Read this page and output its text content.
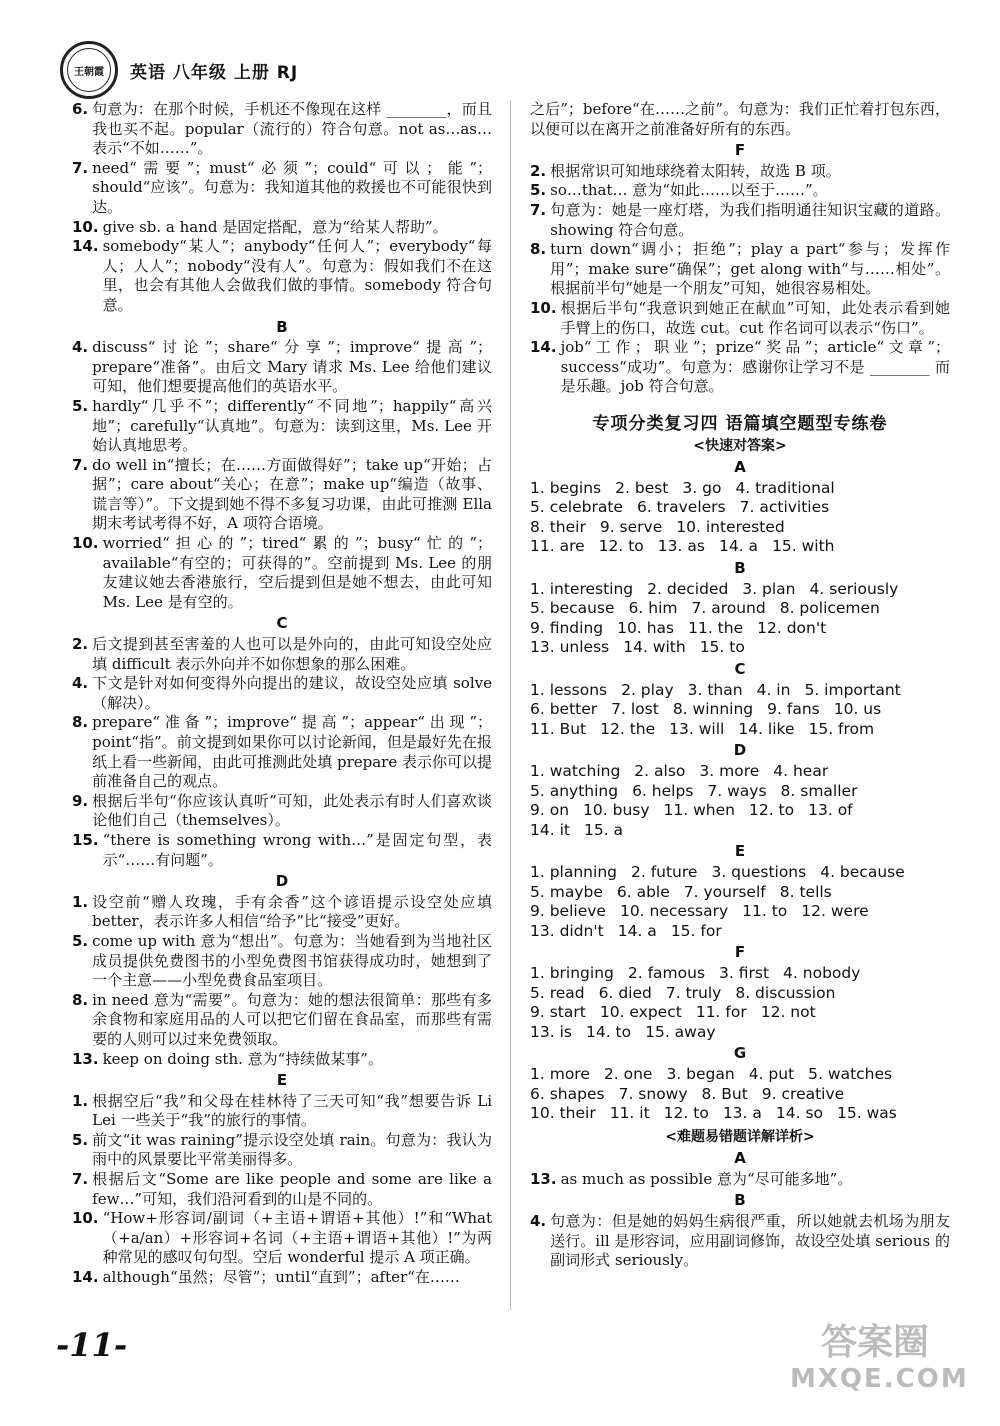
王朝霞 英语 八年级 上册 RJ
6. 句意为：在那个时候，手机还不像现在这样 ________，而且我也买不起。popular（流行的）符合句意。not as…as…表示“不如……”。
7. need“需要”；must“必须”；could“可以；能”；should“应该”。句意为：我知道其他的救援也不可能很快到达。
10. give sb. a hand 是固定搭配，意为“给某人帮助”。
14. somebody“某人”；anybody“任何人”；everybody“每人；人人”；nobody“没有人”。句意为：假如我们不在这里，也会有其他人会做我们做的事情。somebody 符合句意。
B
4. discuss“讨论”；share“分享”；improve“提高”；prepare“准备”。由后文 Mary 请求 Ms. Lee 给他们建议可知，他们想要提高他们的英语水平。
5. hardly“几乎不”；differently“不同地”；happily“高兴地”；carefully“认真地”。句意为：读到这里，Ms. Lee 开始认真地思考。
7. do well in“擅长；在……方面做得好”；take up“开始；占据”；care about“关心；在意”；make up“编造（故事、谎言等）”。下文提到她不得不多复习功课，由此可推测 Ella 期末考试考得不好，A 项符合语境。
10. worried“担心的”；tired“累的”；busy“忙的”；available“有空的；可获得的”。空前提到 Ms. Lee 的朋友建议她去香港旅行，空后提到但是她不想去，由此可知 Ms. Lee 是有空的。
C
2. 后文提到甚至害羞的人也可以是外向的，由此可知设空处应填 difficult 表示外向并不如你想象的那么困难。
4. 下文是针对如何变得外向提出的建议，故设空处应填 solve（解决）。
8. prepare“准备”；improve“提高”；appear“出现”；point“指”。前文提到如果你可以讨论新闻，但是最好先在报纸上看一些新闻，由此可推测此处填 prepare 表示你可以提前准备自己的观点。
9. 根据后半句“你应该认真听”可知，此处表示有时人们喜欢谈论他们自己（themselves）。
15. “there is something wrong with…”是固定句型，表示“……有问题”。
D
1. 设空前“赠人玫瑰，手有余香”这个谚语提示设空处应填 better，表示许多人相信“给予”比“接受”更好。
5. come up with 意为“想出”。句意为：当她看到为当地社区成员提供免费图书的小型免费图书馆获得成功时，她想到了一个主意——小型免费食品室项目。
8. in need 意为“需要”。句意为：她的想法很简单：那些有多余食物和家庭用品的人可以把它们留在食品室，而那些有需要的人则可以过来免费领取。
13. keep on doing sth. 意为“持续做某事”。
E
1. 根据空后“我”和父母在桂林待了三天可知“我”想要告诉 Li Lei 一些关于“我”的旅行的事情。
5. 前文“it was raining”提示设空处填 rain。句意为：我认为雨中的风景要比平常美丽得多。
7. 根据后文“Some are like people and some are like a few…”可知，我们沿河看到的山是不同的。
10. “How+形容词/副词（+主语+谓语+其他）!”和“What（+a/an）+形容词+名词（+主语+谓语+其他）!”为两种常见的感叹句句型。空后 wonderful 提示 A 项正确。
14. although“虽然；尽管”；until“直到”；after“在……
之后”；before“在……之前”。句意为：我们正忙着打包东西，以便可以在离开之前准备好所有的东西。
F
2. 根据常识可知地球绕着太阳转，故选 B 项。
5. so…that… 意为“如此……以至于……”。
7. 句意为：她是一座灯塔，为我们指明通往知识宝藏的道路。showing 符合句意。
8. turn down“调小；拒绝”；play a part“参与；发挥作用”；make sure“确保”；get along with“与……相处”。根据前半句“她是一个朋友”可知，她很容易相处。
10. 根据后半句“我意识到她正在献血”可知，此处表示看到她手臂上的伤口，故选 cut。cut 作名词可以表示“伤口”。
14. job“工作；职业”；prize“奖品”；article“文章”；success“成功”。句意为：感谢你让学习不是 ________ 而是乐趣。job 符合句意。
专项分类复习四 语篇填空题型专练卷
<快速对答案>
A
1. begins 2. best 3. go 4. traditional
5. celebrate 6. travelers 7. activities
8. their 9. serve 10. interested
11. are 12. to 13. as 14. a 15. with
B
1. interesting 2. decided 3. plan 4. seriously
5. because 6. him 7. around 8. policemen
9. finding 10. has 11. the 12. don't
13. unless 14. with 15. to
C
1. lessons 2. play 3. than 4. in 5. important
6. better 7. lost 8. winning 9. fans 10. us
11. But 12. the 13. will 14. like 15. from
D
1. watching 2. also 3. more 4. hear
5. anything 6. helps 7. ways 8. smaller
9. on 10. busy 11. when 12. to 13. of
14. it 15. a
E
1. planning 2. future 3. questions 4. because
5. maybe 6. able 7. yourself 8. tells
9. believe 10. necessary 11. to 12. were
13. didn't 14. a 15. for
F
1. bringing 2. famous 3. first 4. nobody
5. read 6. died 7. truly 8. discussion
9. start 10. expect 11. for 12. not
13. is 14. to 15. away
G
1. more 2. one 3. began 4. put 5. watches
6. shapes 7. snowy 8. But 9. creative
10. their 11. it 12. to 13. a 14. so 15. was
<难题易错题详解详析>
A
13. as much as possible 意为“尽可能多地”。
B
4. 句意为：但是她的妈妈生病很严重，所以她就去机场为朋友送行。ill 是形容词，应用副词修饰，故设空处填 serious 的副词形式 seriously。
-11-	答案圈
MXQE.COM
